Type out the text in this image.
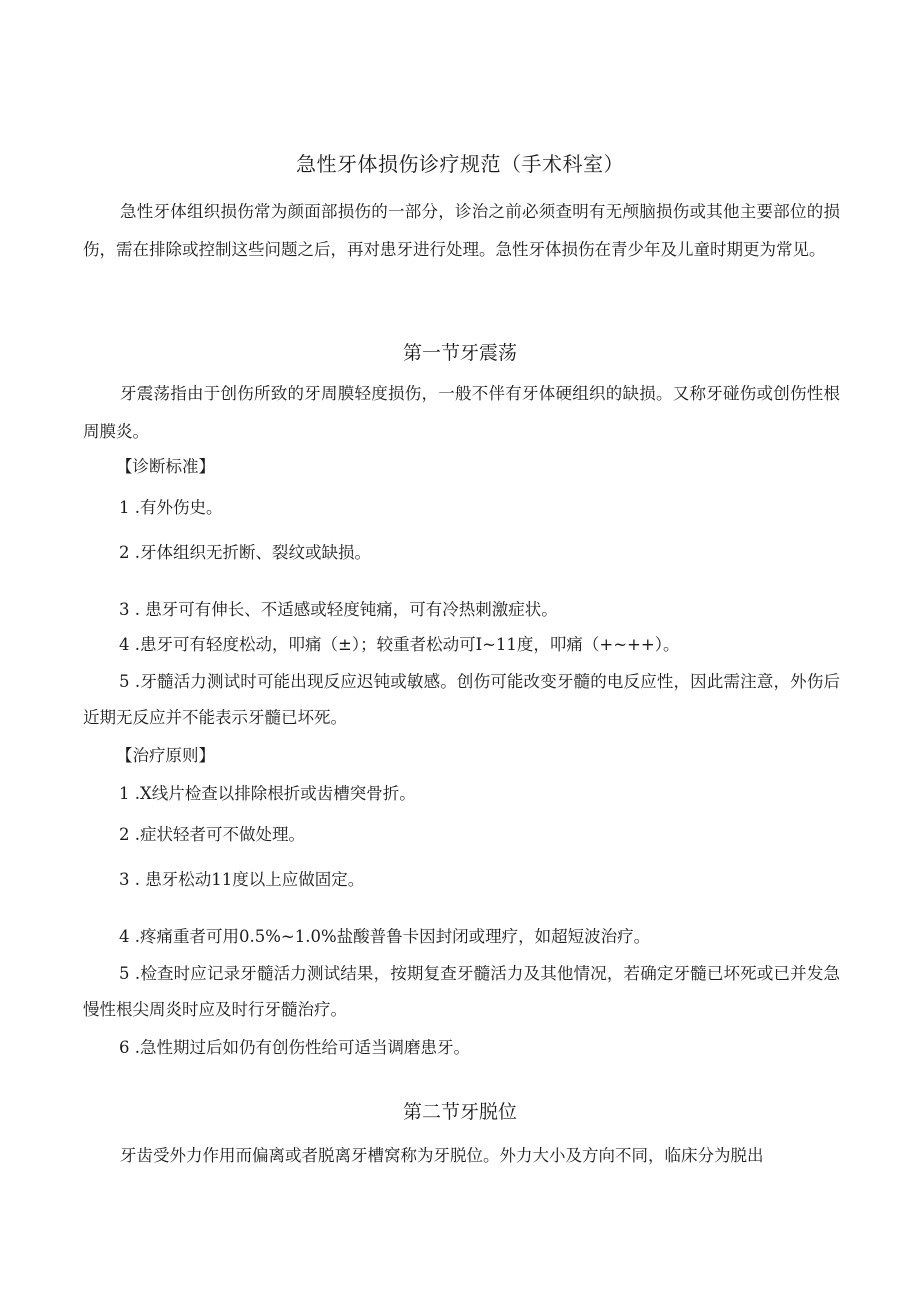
急性牙体损伤诊疗规范（手术科室）

急性牙体组织损伤常为颜面部损伤的一部分，诊治之前必须查明有无颅脑损伤或其他主要部位的损伤，需在排除或控制这些问题之后，再对患牙进行处理。急性牙体损伤在青少年及儿童时期更为常见。

第一节牙震荡

牙震荡指由于创伤所致的牙周膜轻度损伤，一般不伴有牙体硬组织的缺损。又称牙碰伤或创伤性根周膜炎。

【诊断标准】
1 .有外伤史。
2 .牙体组织无折断、裂纹或缺损。
3 . 患牙可有伸长、不适感或轻度钝痛，可有冷热刺激症状。
4 .患牙可有轻度松动，叩痛（±）；较重者松动可I~11度，叩痛（+~++）。

5 .牙髓活力测试时可能出现反应迟钝或敏感。创伤可能改变牙髓的电反应性，因此需注意，外伤后近期无反应并不能表示牙髓已坏死。

【治疗原则】
1 .X线片检查以排除根折或齿槽突骨折。
2 .症状轻者可不做处理。
3 . 患牙松动11度以上应做固定。
4 .疼痛重者可用0.5%~1.0%盐酸普鲁卡因封闭或理疗，如超短波治疗。

5 .检查时应记录牙髓活力测试结果，按期复查牙髓活力及其他情况，若确定牙髓已坏死或已并发急慢性根尖周炎时应及时行牙髓治疗。

6 .急性期过后如仍有创伤性给可适当调磨患牙。
第二节牙脱位

牙齿受外力作用而偏离或者脱离牙槽窝称为牙脱位。外力大小及方向不同，临床分为脱出
